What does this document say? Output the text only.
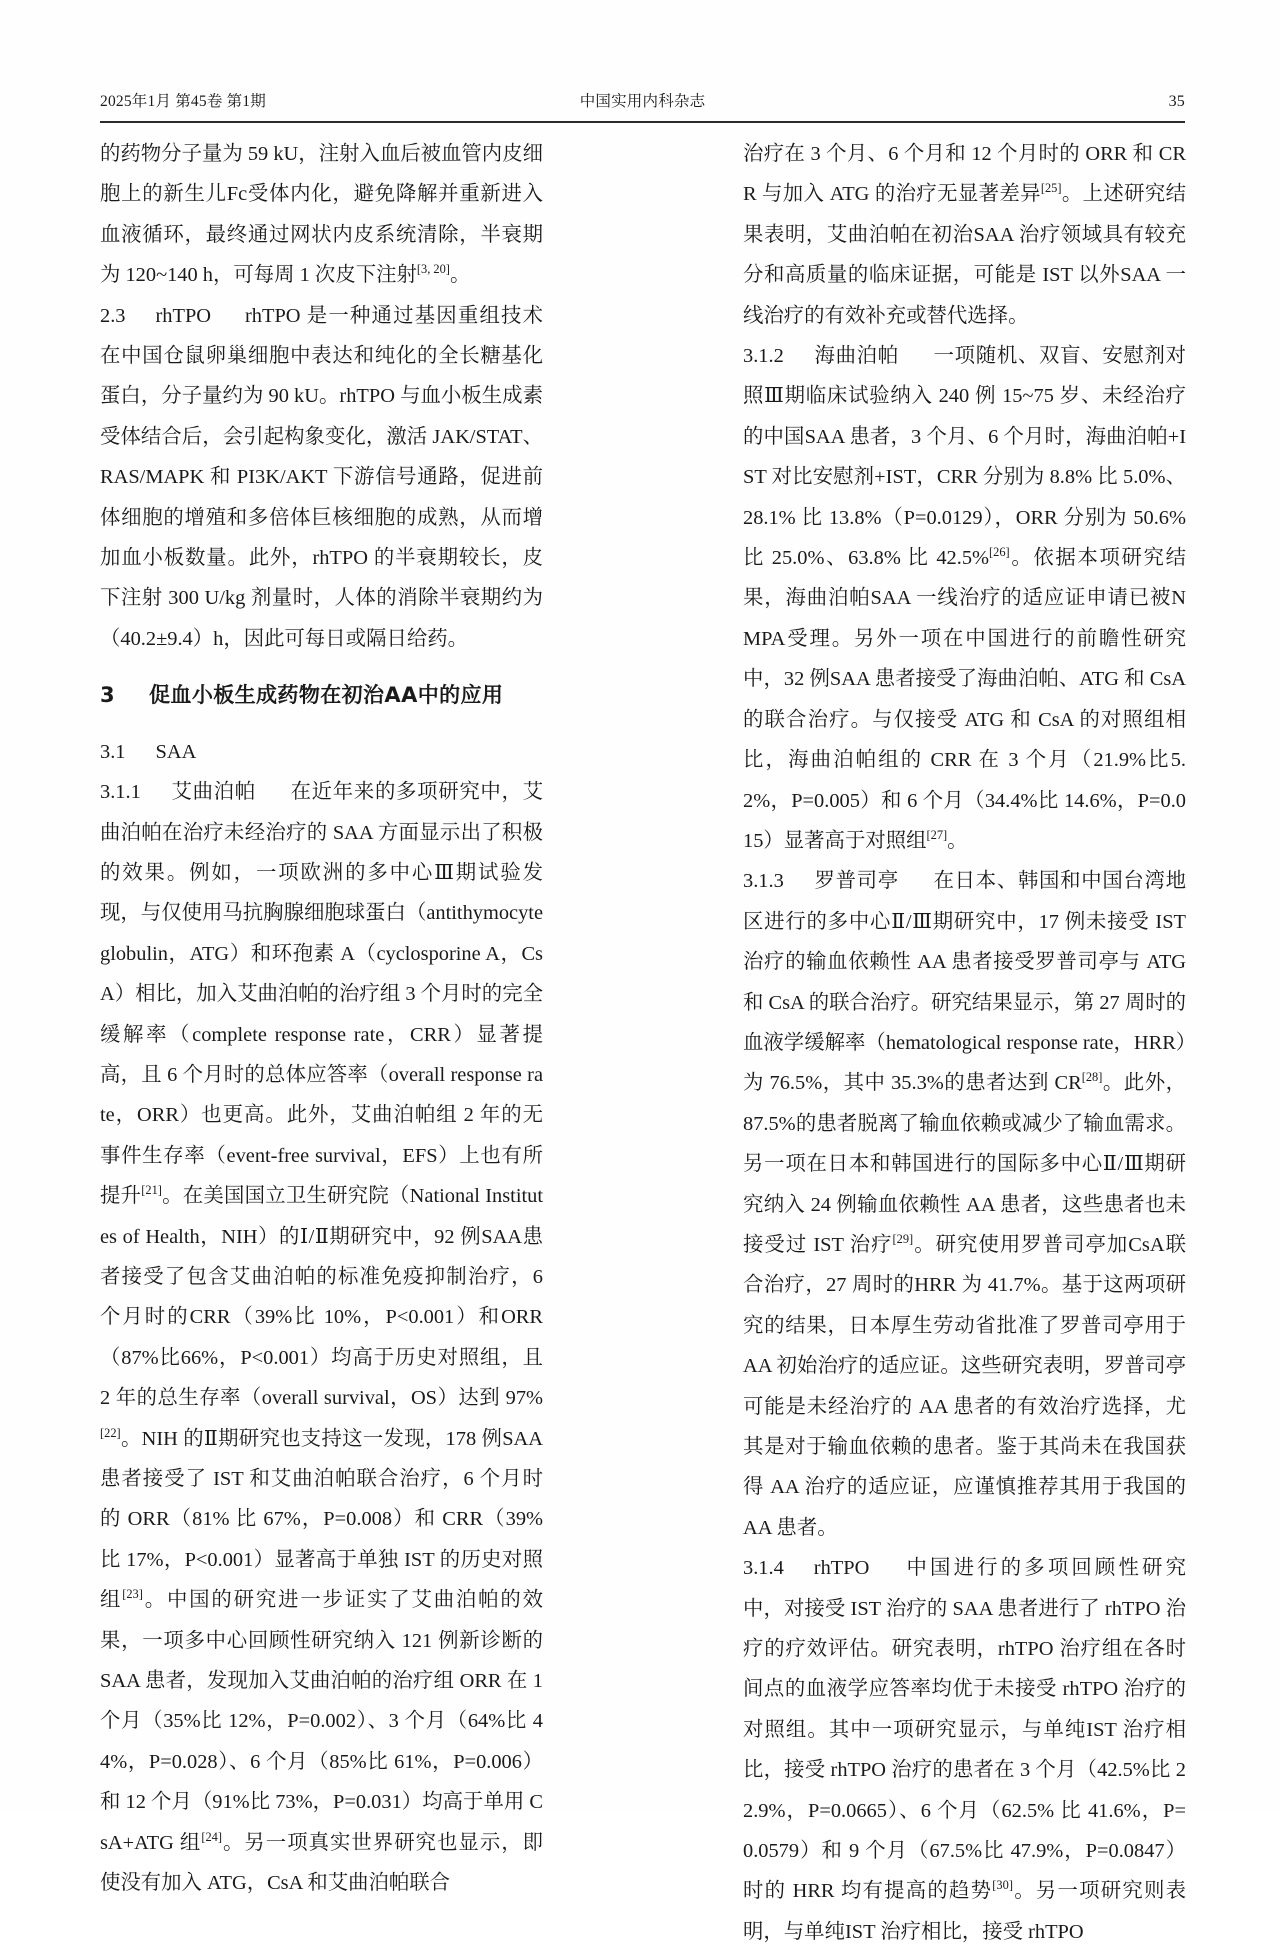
2025年1月 第45卷 第1期	中国实用内科杂志	35

的药物分子量为 59 kU，注射入血后被血管内皮细胞上的新生儿Fc受体内化，避免降解并重新进入血液循环，最终通过网状内皮系统清除，半衰期为 120~140 h，可每周 1 次皮下注射[3, 20]。

2.3 rhTPO rhTPO 是一种通过基因重组技术在中国仓鼠卵巢细胞中表达和纯化的全长糖基化蛋白，分子量约为 90 kU。rhTPO 与血小板生成素受体结合后，会引起构象变化，激活 JAK/STAT、RAS/MAPK 和 PI3K/AKT 下游信号通路，促进前体细胞的增殖和多倍体巨核细胞的成熟，从而增加血小板数量。此外，rhTPO 的半衰期较长，皮下注射 300 U/kg 剂量时，人体的消除半衰期约为（40.2±9.4）h，因此可每日或隔日给药。

3 促血小板生成药物在初治AA中的应用

3.1 SAA

3.1.1 艾曲泊帕 在近年来的多项研究中，艾曲泊帕在治疗未经治疗的 SAA 方面显示出了积极的效果。例如，一项欧洲的多中心Ⅲ期试验发现，与仅使用马抗胸腺细胞球蛋白（antithymocyte globulin，ATG）和环孢素 A（cyclosporine A，CsA）相比，加入艾曲泊帕的治疗组 3 个月时的完全缓解率（complete response rate，CRR）显著提高，且 6 个月时的总体应答率（overall response rate，ORR）也更高。此外，艾曲泊帕组 2 年的无事件生存率（event-free survival，EFS）上也有所提升[21]。在美国国立卫生研究院（National Institutes of Health，NIH）的Ⅰ/Ⅱ期研究中，92 例SAA患者接受了包含艾曲泊帕的标准免疫抑制治疗，6 个月时的CRR（39%比 10%，P<0.001）和ORR（87%比66%，P<0.001）均高于历史对照组，且 2 年的总生存率（overall survival，OS）达到 97%[22]。NIH 的Ⅱ期研究也支持这一发现，178 例SAA 患者接受了 IST 和艾曲泊帕联合治疗，6 个月时的 ORR（81% 比 67%，P=0.008）和 CRR（39% 比 17%，P<0.001）显著高于单独 IST 的历史对照组[23]。中国的研究进一步证实了艾曲泊帕的效果，一项多中心回顾性研究纳入 121 例新诊断的 SAA 患者，发现加入艾曲泊帕的治疗组 ORR 在 1 个月（35%比 12%，P=0.002）、3 个月（64%比 44%，P=0.028）、6 个月（85%比 61%，P=0.006）和 12 个月（91%比 73%，P=0.031）均高于单用 CsA+ATG 组[24]。另一项真实世界研究也显示，即使没有加入 ATG，CsA 和艾曲泊帕联合

治疗在 3 个月、6 个月和 12 个月时的 ORR 和 CRR 与加入 ATG 的治疗无显著差异[25]。上述研究结果表明，艾曲泊帕在初治SAA 治疗领域具有较充分和高质量的临床证据，可能是 IST 以外SAA 一线治疗的有效补充或替代选择。

3.1.2 海曲泊帕 一项随机、双盲、安慰剂对照Ⅲ期临床试验纳入 240 例 15~75 岁、未经治疗的中国SAA 患者，3 个月、6 个月时，海曲泊帕+IST 对比安慰剂+IST，CRR 分别为 8.8% 比 5.0%、28.1% 比 13.8%（P=0.0129），ORR 分别为 50.6% 比 25.0%、63.8% 比 42.5%[26]。依据本项研究结果，海曲泊帕SAA 一线治疗的适应证申请已被NMPA受理。另外一项在中国进行的前瞻性研究中，32 例SAA 患者接受了海曲泊帕、ATG 和 CsA 的联合治疗。与仅接受 ATG 和 CsA 的对照组相比，海曲泊帕组的 CRR 在 3 个月（21.9%比5.2%，P=0.005）和 6 个月（34.4%比 14.6%，P=0.015）显著高于对照组[27]。

3.1.3 罗普司亭 在日本、韩国和中国台湾地区进行的多中心Ⅱ/Ⅲ期研究中，17 例未接受 IST 治疗的输血依赖性 AA 患者接受罗普司亭与 ATG 和 CsA 的联合治疗。研究结果显示，第 27 周时的血液学缓解率（hematological response rate，HRR）为 76.5%，其中 35.3%的患者达到 CR[28]。此外，87.5%的患者脱离了输血依赖或减少了输血需求。另一项在日本和韩国进行的国际多中心Ⅱ/Ⅲ期研究纳入 24 例输血依赖性 AA 患者，这些患者也未接受过 IST 治疗[29]。研究使用罗普司亭加CsA联合治疗，27 周时的HRR 为 41.7%。基于这两项研究的结果，日本厚生劳动省批准了罗普司亭用于 AA 初始治疗的适应证。这些研究表明，罗普司亭可能是未经治疗的 AA 患者的有效治疗选择，尤其是对于输血依赖的患者。鉴于其尚未在我国获得 AA 治疗的适应证，应谨慎推荐其用于我国的 AA 患者。

3.1.4 rhTPO 中国进行的多项回顾性研究中，对接受 IST 治疗的 SAA 患者进行了 rhTPO 治疗的疗效评估。研究表明，rhTPO 治疗组在各时间点的血液学应答率均优于未接受 rhTPO 治疗的对照组。其中一项研究显示，与单纯IST 治疗相比，接受 rhTPO 治疗的患者在 3 个月（42.5%比 22.9%，P=0.0665）、6 个月（62.5% 比 41.6%，P=0.0579）和 9 个月（67.5%比 47.9%，P=0.0847）时的 HRR 均有提高的趋势[30]。另一项研究则表明，与单纯IST 治疗相比，接受 rhTPO
